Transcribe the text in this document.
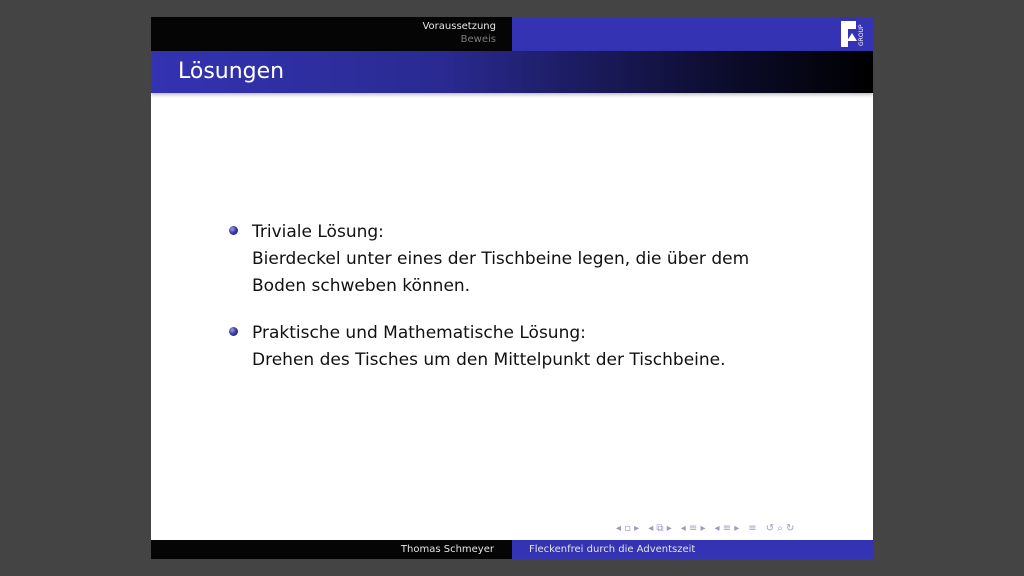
Voraussetzung
Beweis	GROUP
Lösungen
Triviale Lösung:
Bierdeckel unter eines der Tischbeine legen, die über dem
Boden schweben können.
Praktische und Mathematische Lösung:
Drehen des Tisches um den Mittelpunkt der Tischbeine.
◂ ▫ ▸ ◂ ⧉ ▸ ◂ ≡ ▸ ◂ ≡ ▸ ≡ ↺ ⌕ ↻
Thomas Schmeyer	Fleckenfrei durch die Adventszeit
